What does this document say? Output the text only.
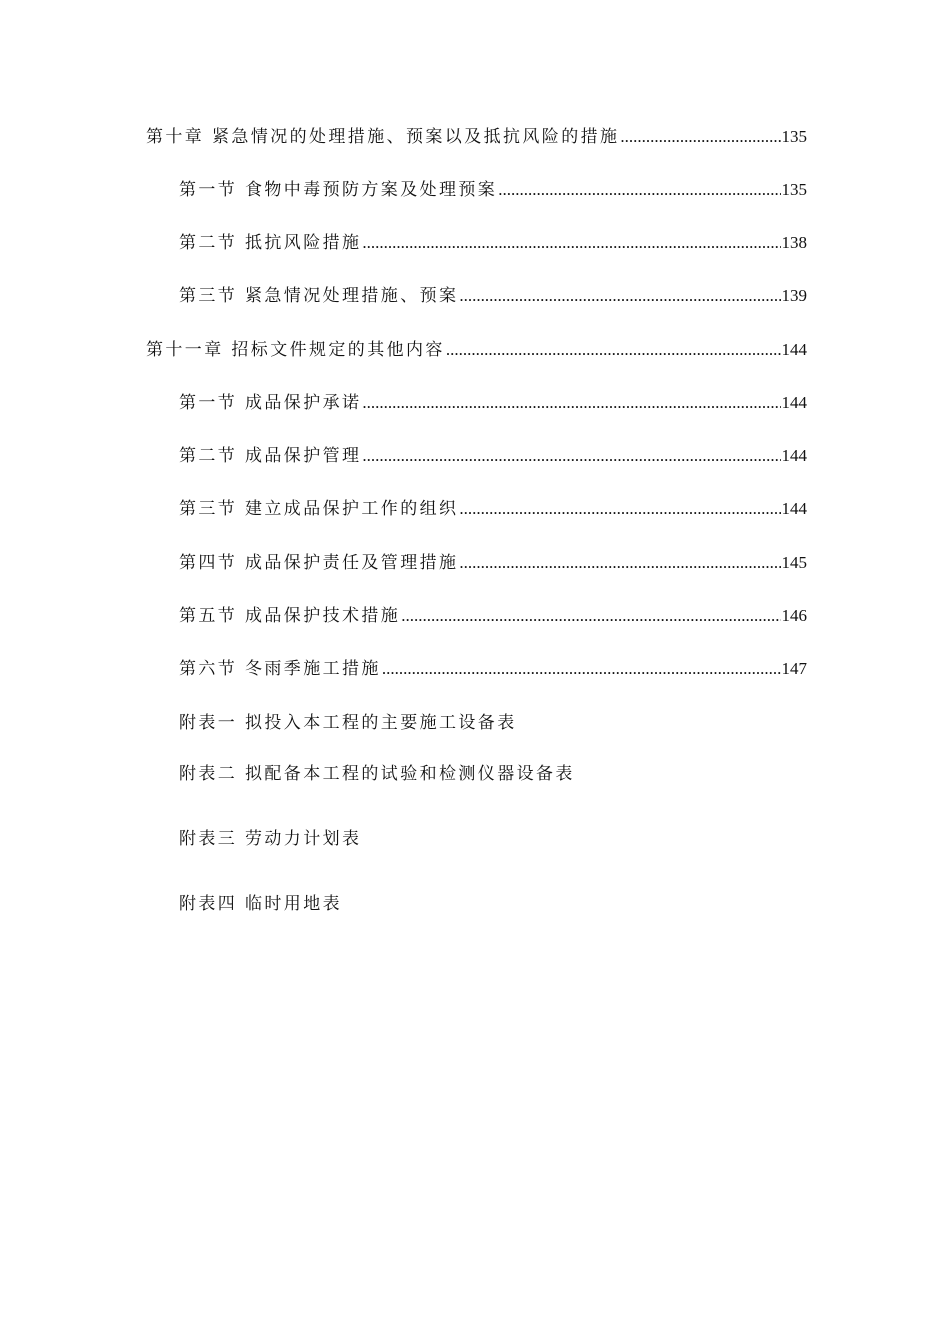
第十章 紧急情况的处理措施、预案以及抵抗风险的措施 .....	135
第一节 食物中毒预防方案及处理预案 .....	135
第二节 抵抗风险措施 .....	138
第三节 紧急情况处理措施、预案 .....	139
第十一章 招标文件规定的其他内容 .....	144
第一节 成品保护承诺 .....	144
第二节 成品保护管理 .....	144
第三节 建立成品保护工作的组织 .....	144
第四节 成品保护责任及管理措施 .....	145
第五节 成品保护技术措施 .....	146
第六节 冬雨季施工措施 .....	147
附表一 拟投入本工程的主要施工设备表
附表二 拟配备本工程的试验和检测仪器设备表
附表三 劳动力计划表
附表四 临时用地表
